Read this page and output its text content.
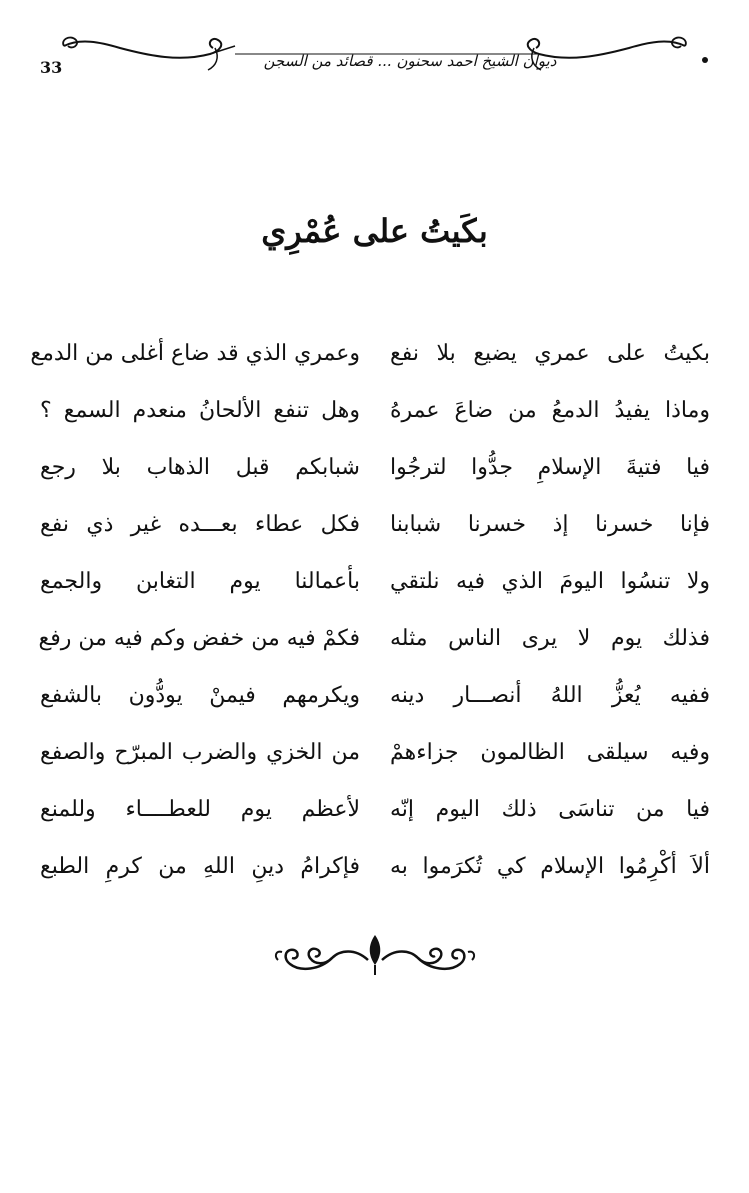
33	ديوان الشيخ احمد سحنون ... قصائد من السجن
بكَيتُ على عُمْرِي
بكيتُ على عمري يضيع بلا نفع
وعمري الذي قد ضاع أغلى من الدمع
وماذا يفيدُ الدمعُ من ضاعَ عمرهُ
وهل تنفع الألحانُ منعدم السمع ؟
فيا فتيةَ الإسلامِ جدُّوا لترجُوا
شبابكم قبل الذهاب بلا رجع
فإنا خسرنا إذ خسرنا شبابنا
فكل عطاء بعـــده غير ذي نفع
ولا تنسُوا اليومَ الذي فيه نلتقي
بأعمالنا يوم التغابن والجمع
فذلك يوم لا يرى الناس مثله
فكمْ فيه من خفض وكم فيه من رفع
ففيه يُعزُّ اللهُ أنصـــار دينه
ويكرمهم فيمنْ يودُّون بالشفع
وفيه سيلقى الظالمون جزاءهمْ
من الخزي والضرب المبرّح والصفع
فيا من تناسَى ذلك اليوم إنّه
لأعظم يوم للعطــــاء وللمنع
ألاَ أكْرِمُوا الإسلام كي تُكرَموا به
فإكرامُ دينِ اللهِ من كرمِ الطبع
